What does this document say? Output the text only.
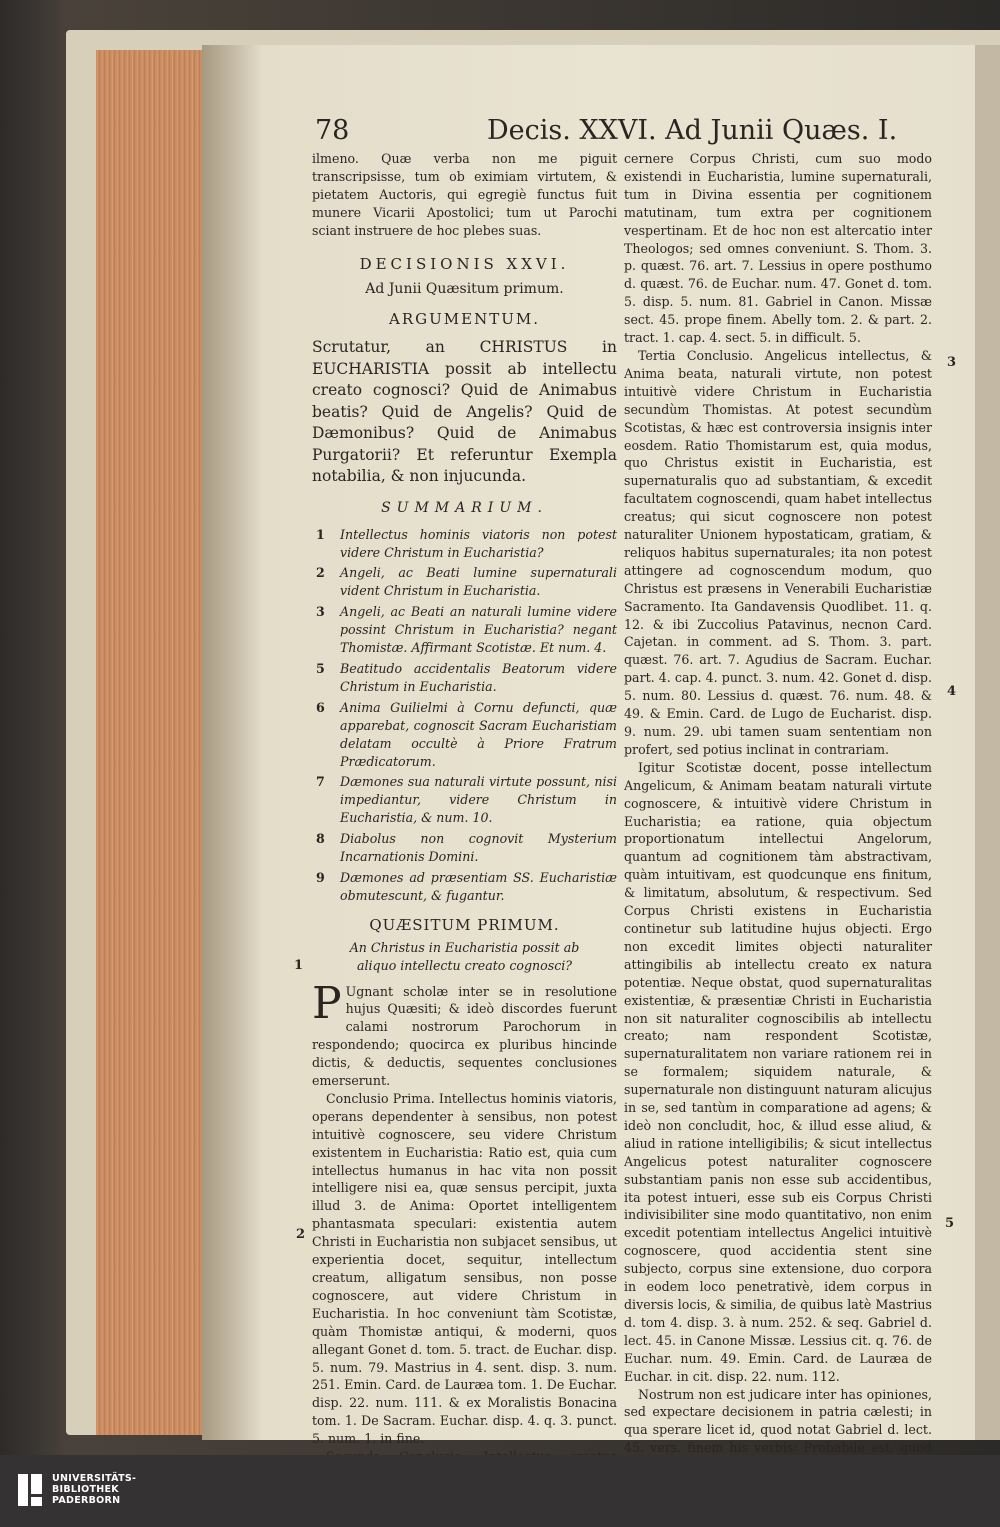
78	Decis. XXVI. Ad Junii Quæs. I.

ilmeno. Quæ verba non me piguit transcripsisse, tum ob eximiam virtutem, & pietatem Auctoris, qui egregiè functus fuit munere Vicarii Apostolici; tum ut Parochi sciant instruere de hoc plebes suas.

DECISIONIS XXVI.
Ad Junii Quæsitum primum.
ARGUMENTUM.

Scrutatur, an CHRISTUS in EUCHARISTIA possit ab intellectu creato cognosci? Quid de Animabus beatis? Quid de Angelis? Quid de Dæmonibus? Quid de Animabus Purgatorii? Et referuntur Exempla notabilia, & non injucunda.

SUMMARIUM.
1 Intellectus hominis viatoris non potest videre Christum in Eucharistia?
2 Angeli, ac Beati lumine supernaturali vident Christum in Eucharistia.
3 Angeli, ac Beati an naturali lumine videre possint Christum in Eucharistia? negant Thomistæ. Affirmant Scotistæ. Et num. 4.
5 Beatitudo accidentalis Beatorum videre Christum in Eucharistia.
6 Anima Guilielmi à Cornu defuncti, quæ apparebat, cognoscit Sacram Eucharistiam delatam occultè à Priore Fratrum Prædicatorum.
7 Dæmones sua naturali virtute possunt, nisi impediantur, videre Christum in Eucharistia, & num. 10.
8 Diabolus non cognovit Mysterium Incarnationis Domini.
9 Dæmones ad præsentiam SS. Eucharistiæ obmutescunt, & fugantur.
QUÆSITUM PRIMUM.
An Christus in Eucharistia possit ab aliquo intellectu creato cognosci?

P Ugnant scholæ inter se in resolutione hujus Quæsiti; & ideò discordes fuerunt calami nostrorum Parochorum in respondendo; quocirca ex pluribus hincinde dictis, & deductis, sequentes conclusiones emerserunt.

Conclusio Prima. Intellectus hominis viatoris, operans dependenter à sensibus, non potest intuitivè cognoscere, seu videre Christum existentem in Eucharistia: Ratio est, quia cum intellectus humanus in hac vita non possit intelligere nisi ea, quæ sensus percipit, juxta illud 3. de Anima: Oportet intelligentem phantasmata speculari: existentia autem Christi in Eucharistia non subjacet sensibus, ut experientia docet, sequitur, intellectum creatum, alligatum sensibus, non posse cognoscere, aut videre Christum in Eucharistia. In hoc conveniunt tàm Scotistæ, quàm Thomistæ antiqui, & moderni, quos allegant Gonet d. tom. 5. tract. de Euchar. disp. 5. num. 79. Mastrius in 4. sent. disp. 3. num. 251. Emin. Card. de Lauræa tom. 1. De Euchar. disp. 22. num. 111. & ex Moralistis Bonacina tom. 1. De Sacram. Euchar. disp. 4. q. 3. punct. 5. num. 1. in fine.

cernere Corpus Christi, cum suo modo existendi in Eucharistia, lumine supernaturali, tum in Divina essentia per cognitionem matutinam, tum extra per cognitionem vespertinam. Et de hoc non est altercatio inter Theologos; sed omnes conveniunt. S. Thom. 3. p. quæst. 76. art. 7. Lessius in opere posthumo d. quæst. 76. de Euchar. num. 47. Gonet d. tom. 5. disp. 5. num. 81. Gabriel in Canon. Missæ sect. 45. prope finem. Abelly tom. 2. & part. 2. tract. 1. cap. 4. sect. 5. in difficult. 5.

Tertia Conclusio. Angelicus intellectus, & Anima beata, naturali virtute, non potest intuitivè videre Christum in Eucharistia secundùm Thomistas. At potest secundùm Scotistas, & hæc est controversia insignis inter eosdem. Ratio Thomistarum est, quia modus, quo Christus existit in Eucharistia, est supernaturalis quo ad substantiam, & excedit facultatem cognoscendi, quam habet intellectus creatus; qui sicut cognoscere non potest naturaliter Unionem hypostaticam, gratiam, & reliquos habitus supernaturales; ita non potest attingere ad cognoscendum modum, quo Christus est præsens in Venerabili Eucharistiæ Sacramento. Ita Gandavensis Quodlibet. 11. q. 12. & ibi Zuccolius Patavinus, necnon Card. Cajetan. in comment. ad S. Thom. 3. part. quæst. 76. art. 7. Agudius de Sacram. Euchar. part. 4. cap. 4. punct. 3. num. 42. Gonet d. disp. 5. num. 80. Lessius d. quæst. 76. num. 48. & 49. & Emin. Card. de Lugo de Eucharist. disp. 9. num. 29. ubi tamen suam sententiam non profert, sed potius inclinat in contrariam.

Igitur Scotistæ docent, posse intellectum Angelicum, & Animam beatam naturali virtute cognoscere, & intuitivè videre Christum in Eucharistia; ea ratione, quia objectum proportionatum intellectui Angelorum, quantum ad cognitionem tàm abstractivam, quàm intuitivam, est quodcunque ens finitum, & limitatum, absolutum, & respectivum. Sed Corpus Christi existens in Eucharistia continetur sub latitudine hujus objecti. Ergo non excedit limites objecti naturaliter attingibilis ab intellectu creato ex natura potentiæ. Neque obstat, quod supernaturalitas existentiæ, & præsentiæ Christi in Eucharistia non sit naturaliter cognoscibilis ab intellectu creato; nam respondent Scotistæ, supernaturalitatem non variare rationem rei in se formalem; siquidem naturale, & supernaturale non distinguunt naturam alicujus in se, sed tantùm in comparatione ad agens; & ideò non concludit, hoc, & illud esse aliud, & aliud in ratione intelligibilis; & sicut intellectus Angelicus potest naturaliter cognoscere substantiam panis non esse sub accidentibus, ita potest intueri, esse sub eis Corpus Christi indivisibiliter sine modo quantitativo, non enim excedit potentiam intellectus Angelici intuitivè cognoscere, quod accidentia stent sine subjecto, corpus sine extensione, duo corpora in eodem loco penetrativè, idem corpus in diversis locis, & similia, de quibus latè Mastrius d. tom 4. disp. 3. à num. 252. & seq. Gabriel d. lect. 45. in Canone Missæ. Lessius cit. q. 76. de Euchar. num. 49. Emin. Card. de Lauræa de Euchar. in cit. disp. 22. num. 112.

Nostrum non est judicare inter has opiniones, sed expectare decisionem in patria cælesti; in qua sperare licet id, quod notat Gabriel d. lect. 45. vers. finem his verbis: Probabile est, quod

1
2
3
4
5
UNIVERSITÄTS-
BIBLIOTHEK
PADERBORN
